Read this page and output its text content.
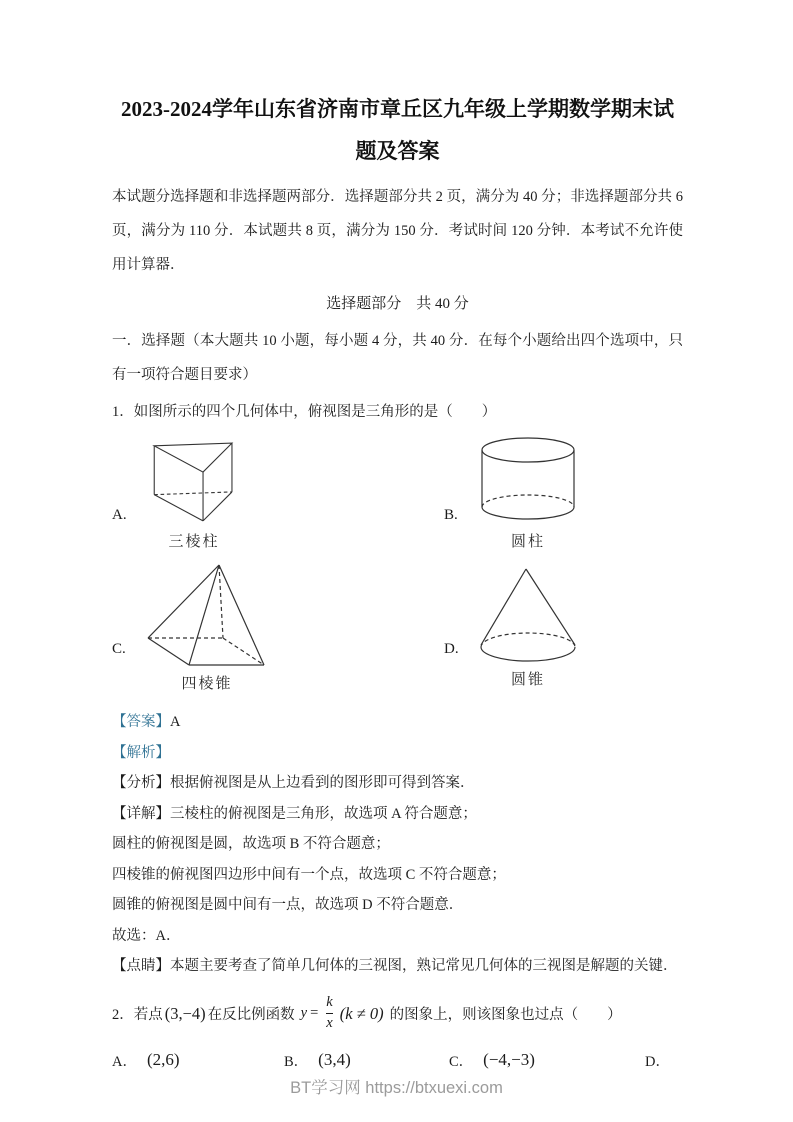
2023-2024学年山东省济南市章丘区九年级上学期数学期末试题及答案

本试题分选择题和非选择题两部分．选择题部分共 2 页，满分为 40 分；非选择题部分共 6 页，满分为 110 分．本试题共 8 页，满分为 150 分．考试时间 120 分钟．本考试不允许使用计算器．

选择题部分　共 40 分

一．选择题（本大题共 10 小题，每小题 4 分，共 40 分．在每个小题给出四个选项中，只有一项符合题目要求）

1．如图所示的四个几何体中，俯视图是三角形的是（　　）

A.
三棱柱
B.
圆柱
C.
四棱锥
D.
圆锥
【答案】A
【解析】
【分析】根据俯视图是从上边看到的图形即可得到答案．
【详解】三棱柱的俯视图是三角形，故选项 A 符合题意；
圆柱的俯视图是圆，故选项 B 不符合题意；
四棱锥的俯视图四边形中间有一个点，故选项 C 不符合题意；
圆锥的俯视图是圆中间有一点，故选项 D 不符合题意．
故选：A．
【点睛】本题主要考查了简单几何体的三视图，熟记常见几何体的三视图是解题的关键．
2． 若点 (3,−4) 在反比例函数 $y = \frac{k}{x} (k \ne 0)$ 的图象上，则该图象也过点（　　）
A． (2,6)	B． (3,4)	C． (−4,−3)	D．
BT学习网 https://btxuexi.com
